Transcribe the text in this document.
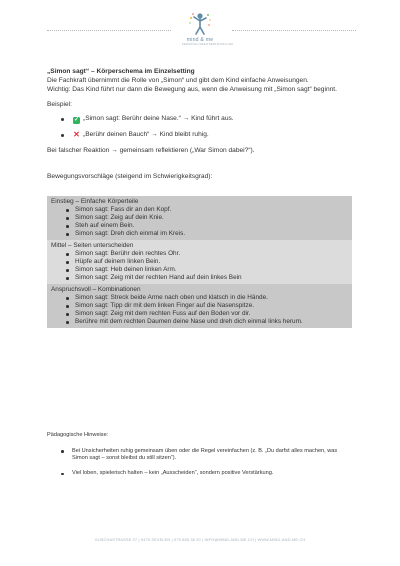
mind & me
PERSÖNLICHKEITSENTWICKLUNG

„Simon sagt“ – Körperschema im Einzelsetting

Die Fachkraft übernimmt die Rolle von „Simon“ und gibt dem Kind einfache Anweisungen.

Wichtig: Das Kind führt nur dann die Bewegung aus, wenn die Anweisung mit „Simon sagt“ beginnt.

Beispiel:

✓ „Simon sagt: Berühr deine Nase.“ → Kind führt aus.
✕ „Berühr deinen Bauch“ → Kind bleibt ruhig.

Bei falscher Reaktion → gemeinsam reflektieren („War Simon dabei?“).

Bewegungsvorschläge (steigend im Schwierigkeitsgrad):

Einstieg – Einfache Körperteile
Simon sagt: Fass dir an den Kopf.
Simon sagt: Zeig auf dein Knie.
Steh auf einem Bein.
Simon sagt: Dreh dich einmal im Kreis.
Mittel – Seiten unterscheiden
Simon sagt: Berühr dein rechtes Ohr.
Hüpfe auf deinem linken Bein.
Simon sagt: Heb deinen linken Arm.
Simon sagt: Zeig mit der rechten Hand auf dein linkes Bein
Anspruchsvoll – Kombinationen
Simon sagt: Streck beide Arme nach oben und klatsch in die Hände.
Simon sagt: Tipp dir mit dem linken Finger auf die Nasenspitze.
Simon sagt: Zeig mit dem rechten Fuss auf den Boden vor dir.
Berühre mit dem rechten Daumen deine Nase und dreh dich einmal links herum.

Pädagogische Hinweise:

Bei Unsicherheiten ruhig gemeinsam üben oder die Regel vereinfachen (z. B. „Du darfst alles machen, was Simon sagt – sonst bleibst du still sitzen“).
Viel loben, spielerisch halten – kein „Ausscheiden“, sondern positive Verstärkung.
GUSCHASTRASSE 07 | 9475 SEVELEN | 079 685 38 20 | INFO@MIND-AND-ME.CH | WWW.MIND-AND-ME.CH
